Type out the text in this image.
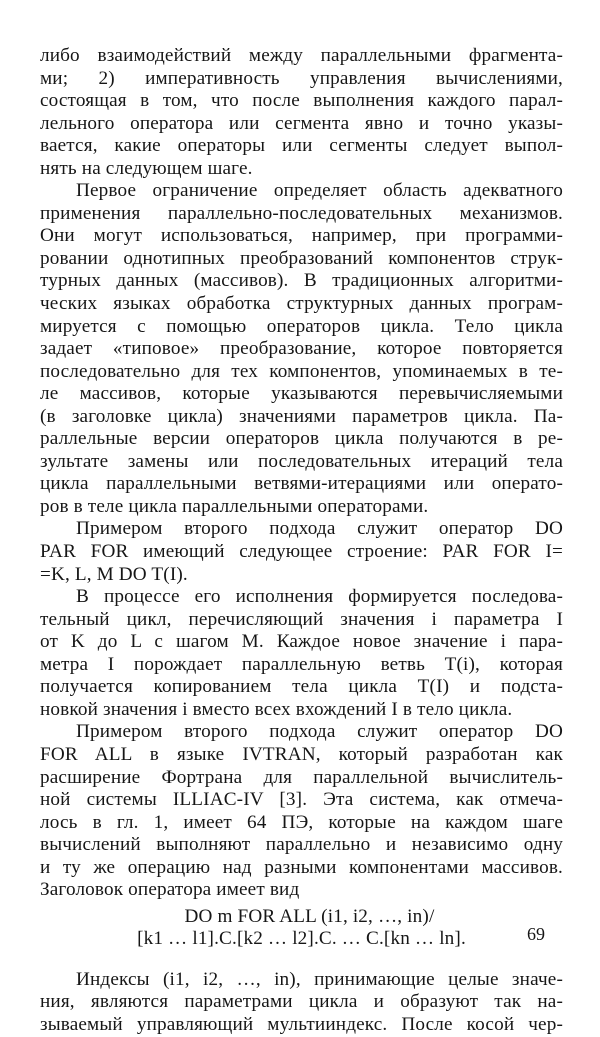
либо взаимодействий между параллельными фрагмента-
ми; 2) императивность управления вычислениями,
состоящая в том, что после выполнения каждого парал-
лельного оператора или сегмента явно и точно указы-
вается, какие операторы или сегменты следует выпол-
нять на следующем шаге.
Первое ограничение определяет область адекватного
применения параллельно-последовательных механизмов.
Они могут использоваться, например, при программи-
ровании однотипных преобразований компонентов струк-
турных данных (массивов). В традиционных алгоритми-
ческих языках обработка структурных данных програм-
мируется с помощью операторов цикла. Тело цикла
задает «типовое» преобразование, которое повторяется
последовательно для тех компонентов, упоминаемых в те-
ле массивов, которые указываются перевычисляемыми
(в заголовке цикла) значениями параметров цикла. Па-
раллельные версии операторов цикла получаются в ре-
зультате замены или последовательных итераций тела
цикла параллельными ветвями-итерациями или операто-
ров в теле цикла параллельными операторами.
Примером второго подхода служит оператор DO
PAR FOR имеющий следующее строение: PAR FOR I=
=K, L, M DO T(I).
В процессе его исполнения формируется последова-
тельный цикл, перечисляющий значения i параметра I
от K до L с шагом M. Каждое новое значение i пара-
метра I порождает параллельную ветвь T(i), которая
получается копированием тела цикла T(I) и подста-
новкой значения i вместо всех вхождений I в тело цикла.
Примером второго подхода служит оператор DO
FOR ALL в языке IVTRAN, который разработан как
расширение Фортрана для параллельной вычислитель-
ной системы ILLIAC-IV [3]. Эта система, как отмеча-
лось в гл. 1, имеет 64 ПЭ, которые на каждом шаге
вычислений выполняют параллельно и независимо одну
и ту же операцию над разными компонентами массивов.
Заголовок оператора имеет вид
DO m FOR ALL (i1, i2, …, in)/
[k1 … l1].C.[k2 … l2].C. … C.[kn … ln].
Индексы (i1, i2, …, in), принимающие целые значе-
ния, являются параметрами цикла и образуют так на-
зываемый управляющий мультииндекс. После косой чер-
69
